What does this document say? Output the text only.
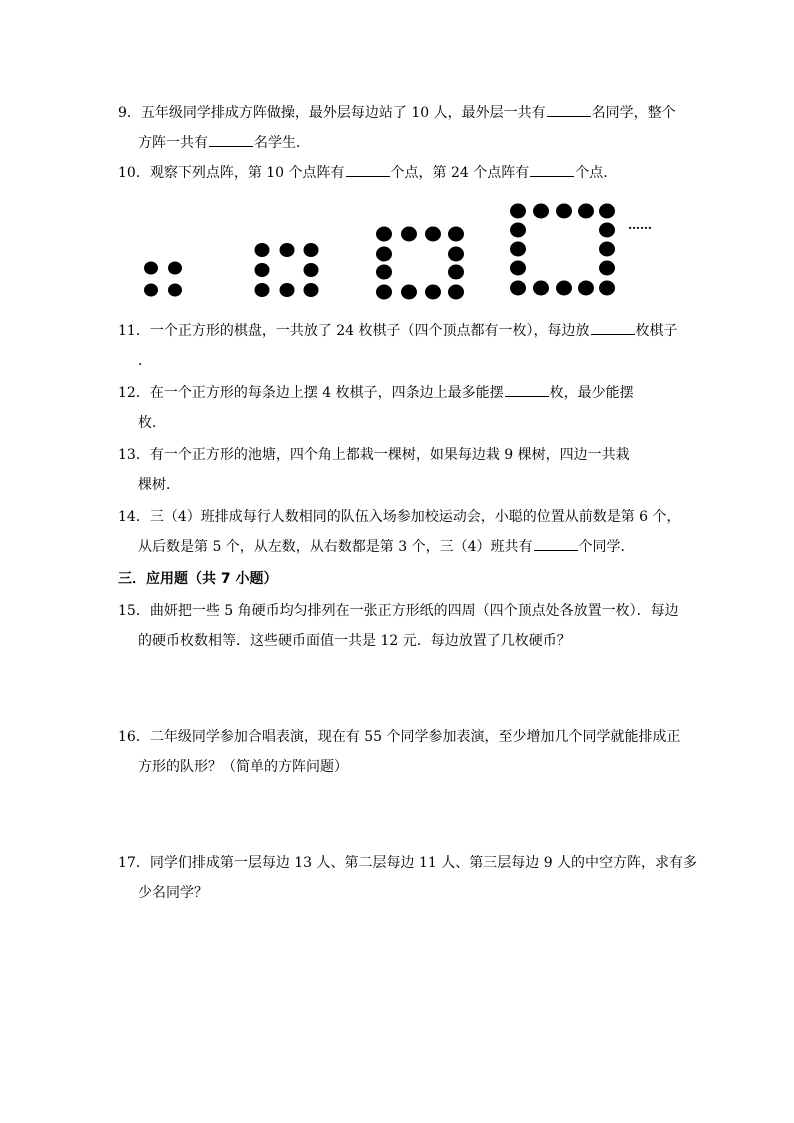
9．五年级同学排成方阵做操，最外层每边站了 10 人，最外层一共有	名同学，整个
方阵一共有	名学生．
10．观察下列点阵，第 10 个点阵有	个点，第 24 个点阵有	个点．
……
11．一个正方形的棋盘，一共放了 24 枚棋子（四个顶点都有一枚），每边放	枚棋子
．
12．在一个正方形的每条边上摆 4 枚棋子，四条边上最多能摆	枚，最少能摆
枚．
13．有一个正方形的池塘，四个角上都栽一棵树，如果每边栽 9 棵树，四边一共栽
棵树．
14．三（4）班排成每行人数相同的队伍入场参加校运动会，小聪的位置从前数是第 6 个，
从后数是第 5 个，从左数，从右数都是第 3 个，三（4）班共有	个同学．
三．应用题（共 7 小题）
15．曲妍把一些 5 角硬币均匀排列在一张正方形纸的四周（四个顶点处各放置一枚）．每边
的硬币枚数相等．这些硬币面值一共是 12 元．每边放置了几枚硬币？
16．二年级同学参加合唱表演，现在有 55 个同学参加表演，至少增加几个同学就能排成正
方形的队形？（简单的方阵问题）
17．同学们排成第一层每边 13 人、第二层每边 11 人、第三层每边 9 人的中空方阵，求有多
少名同学？
